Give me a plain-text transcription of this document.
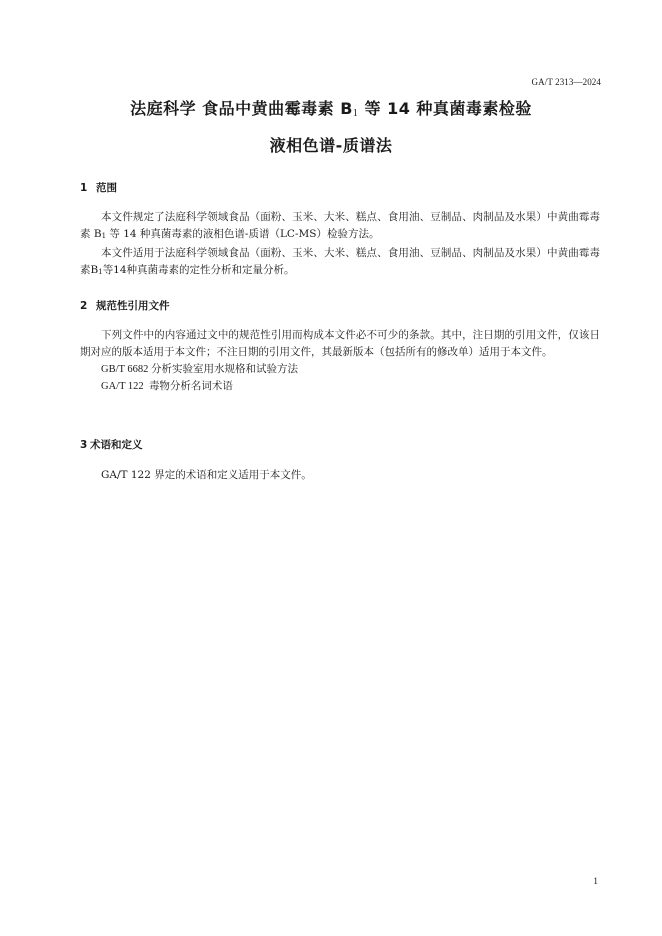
GA/T 2313—2024
法庭科学 食品中黄曲霉毒素 B1 等 14 种真菌毒素检验
液相色谱-质谱法
1 范围

本文件规定了法庭科学领域食品（面粉、玉米、大米、糕点、食用油、豆制品、肉制品及水果）中黄曲霉毒素 B1 等 14 种真菌毒素的液相色谱-质谱（LC-MS）检验方法。

本文件适用于法庭科学领域食品（面粉、玉米、大米、糕点、食用油、豆制品、肉制品及水果）中黄曲霉毒素B1等14种真菌毒素的定性分析和定量分析。

2 规范性引用文件

下列文件中的内容通过文中的规范性引用而构成本文件必不可少的条款。其中，注日期的引用文件，仅该日期对应的版本适用于本文件；不注日期的引用文件，其最新版本（包括所有的修改单）适用于本文件。

GB/T 6682 分析实验室用水规格和试验方法
GA/T 122 毒物分析名词术语
3 术语和定义

GA/T 122 界定的术语和定义适用于本文件。

1
